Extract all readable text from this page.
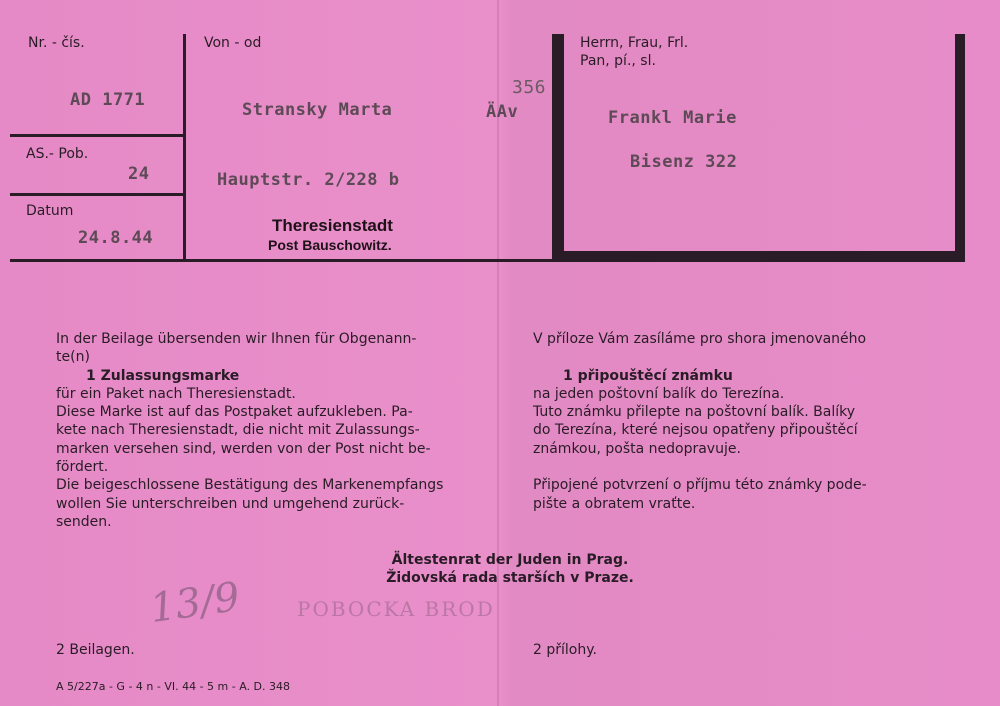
Nr. - čís.
AD 1771
AS.- Pob.
24
Datum
24.8.44
Von - od
Stransky Marta
356
ÄAv
Hauptstr. 2/228 b
Theresienstadt
Post Bauschowitz.
Herrn, Frau, Frl.
Pan, pí., sl.
Frankl Marie
Bisenz 322

In der Beilage übersenden wir Ihnen für Obgenann-

te(n)

1 Zulassungsmarke

für ein Paket nach Theresienstadt.

Diese Marke ist auf das Postpaket aufzukleben. Pa-

kete nach Theresienstadt, die nicht mit Zulassungs-

marken versehen sind, werden von der Post nicht be-

fördert.

Die beigeschlossene Bestätigung des Markenempfangs

wollen Sie unterschreiben und umgehend zurück-

senden.

V příloze Vám zasíláme pro shora jmenovaného

1 připouštěcí známku

na jeden poštovní balík do Terezína.

Tuto známku přilepte na poštovní balík. Balíky

do Terezína, které nejsou opatřeny připouštěcí

známkou, pošta nedopravuje.

Připojené potvrzení o příjmu této známky pode-

pište a obratem vraťte.

Ältestenrat der Juden in Prag.
Židovská rada starších v Praze.
POBOCKA BROD
13/9
2 Beilagen.	2 přílohy.
A 5/227a - G - 4 n - VI. 44 - 5 m - A. D. 348
